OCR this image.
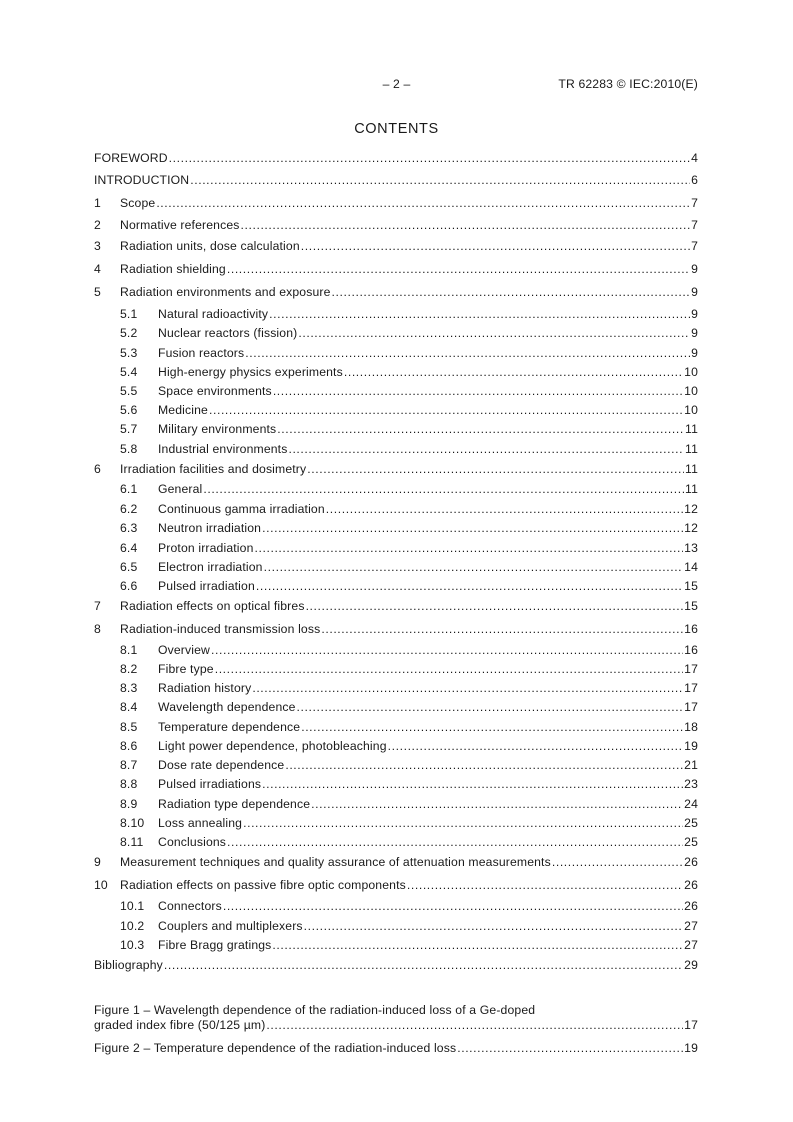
– 2 –	TR 62283 © IEC:2010(E)
CONTENTS
FOREWORD .....	4
INTRODUCTION .....	6
1	Scope .....	7
2	Normative references .....	7
3	Radiation units, dose calculation .....	7
4	Radiation shielding .....	9
5	Radiation environments and exposure .....	9
5.1	Natural radioactivity .....	9
5.2	Nuclear reactors (fission) .....	9
5.3	Fusion reactors .....	9
5.4	High-energy physics experiments .....	10
5.5	Space environments .....	10
5.6	Medicine .....	10
5.7	Military environments .....	11
5.8	Industrial environments .....	11
6	Irradiation facilities and dosimetry .....	11
6.1	General .....	11
6.2	Continuous gamma irradiation .....	12
6.3	Neutron irradiation .....	12
6.4	Proton irradiation .....	13
6.5	Electron irradiation .....	14
6.6	Pulsed irradiation .....	15
7	Radiation effects on optical fibres .....	15
8	Radiation-induced transmission loss .....	16
8.1	Overview .....	16
8.2	Fibre type .....	17
8.3	Radiation history .....	17
8.4	Wavelength dependence .....	17
8.5	Temperature dependence .....	18
8.6	Light power dependence, photobleaching .....	19
8.7	Dose rate dependence .....	21
8.8	Pulsed irradiations .....	23
8.9	Radiation type dependence .....	24
8.10	Loss annealing .....	25
8.11	Conclusions .....	25
9	Measurement techniques and quality assurance of attenuation measurements .....	26
10 Radiation effects on passive fibre optic components .....	26
10.1	Connectors .....	26
10.2	Couplers and multiplexers .....	27
10.3	Fibre Bragg gratings .....	27
Bibliography .....	29
Figure 1 – Wavelength dependence of the radiation-induced loss of a Ge-doped
graded index fibre (50/125 µm) .....	17
Figure 2 – Temperature dependence of the radiation-induced loss .....	19
